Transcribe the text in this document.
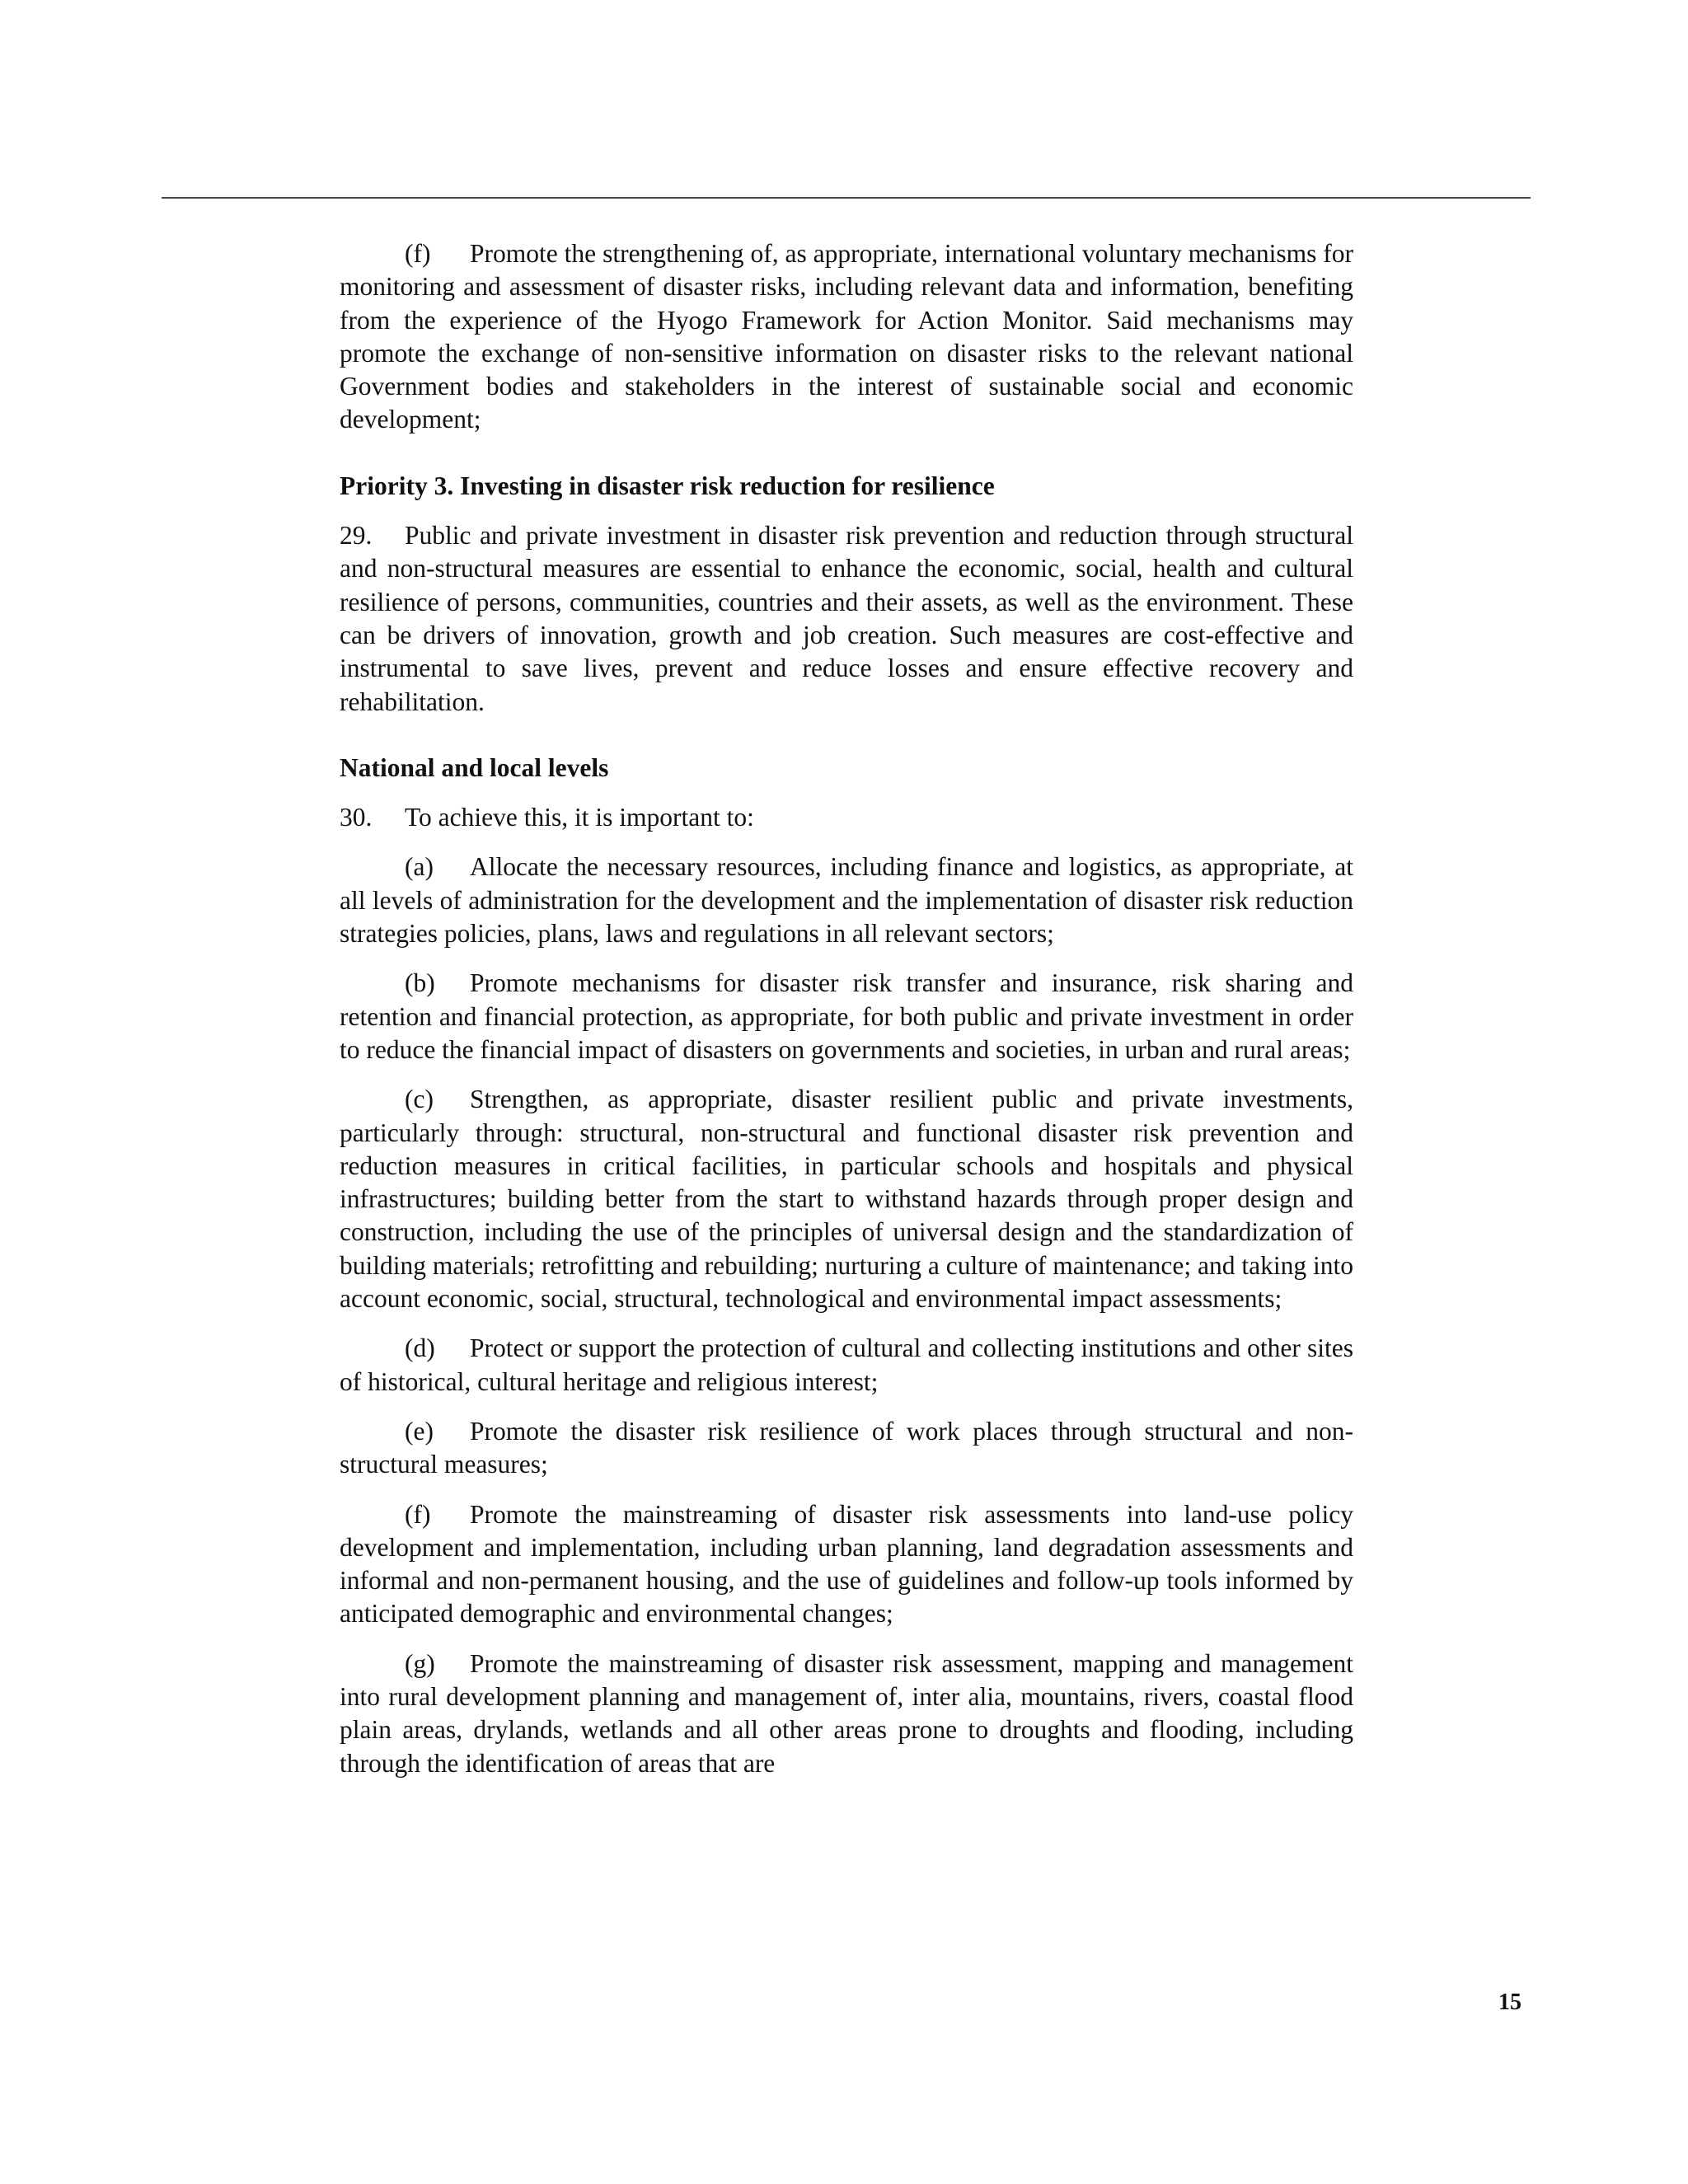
(f) Promote the strengthening of, as appropriate, international voluntary mechanisms for monitoring and assessment of disaster risks, including relevant data and information, benefiting from the experience of the Hyogo Framework for Action Monitor. Said mechanisms may promote the exchange of non-sensitive information on disaster risks to the relevant national Government bodies and stakeholders in the interest of sustainable social and economic development;

Priority 3. Investing in disaster risk reduction for resilience

29. Public and private investment in disaster risk prevention and reduction through structural and non-structural measures are essential to enhance the economic, social, health and cultural resilience of persons, communities, countries and their assets, as well as the environment. These can be drivers of innovation, growth and job creation. Such measures are cost-effective and instrumental to save lives, prevent and reduce losses and ensure effective recovery and rehabilitation.

National and local levels

30. To achieve this, it is important to:

(a) Allocate the necessary resources, including finance and logistics, as appropriate, at all levels of administration for the development and the implementation of disaster risk reduction strategies policies, plans, laws and regulations in all relevant sectors;

(b) Promote mechanisms for disaster risk transfer and insurance, risk sharing and retention and financial protection, as appropriate, for both public and private investment in order to reduce the financial impact of disasters on governments and societies, in urban and rural areas;

(c) Strengthen, as appropriate, disaster resilient public and private investments, particularly through: structural, non-structural and functional disaster risk prevention and reduction measures in critical facilities, in particular schools and hospitals and physical infrastructures; building better from the start to withstand hazards through proper design and construction, including the use of the principles of universal design and the standardization of building materials; retrofitting and rebuilding; nurturing a culture of maintenance; and taking into account economic, social, structural, technological and environmental impact assessments;

(d) Protect or support the protection of cultural and collecting institutions and other sites of historical, cultural heritage and religious interest;

(e) Promote the disaster risk resilience of work places through structural and non-structural measures;

(f) Promote the mainstreaming of disaster risk assessments into land-use policy development and implementation, including urban planning, land degradation assessments and informal and non-permanent housing, and the use of guidelines and follow-up tools informed by anticipated demographic and environmental changes;

(g) Promote the mainstreaming of disaster risk assessment, mapping and management into rural development planning and management of, inter alia, mountains, rivers, coastal flood plain areas, drylands, wetlands and all other areas prone to droughts and flooding, including through the identification of areas that are

15
